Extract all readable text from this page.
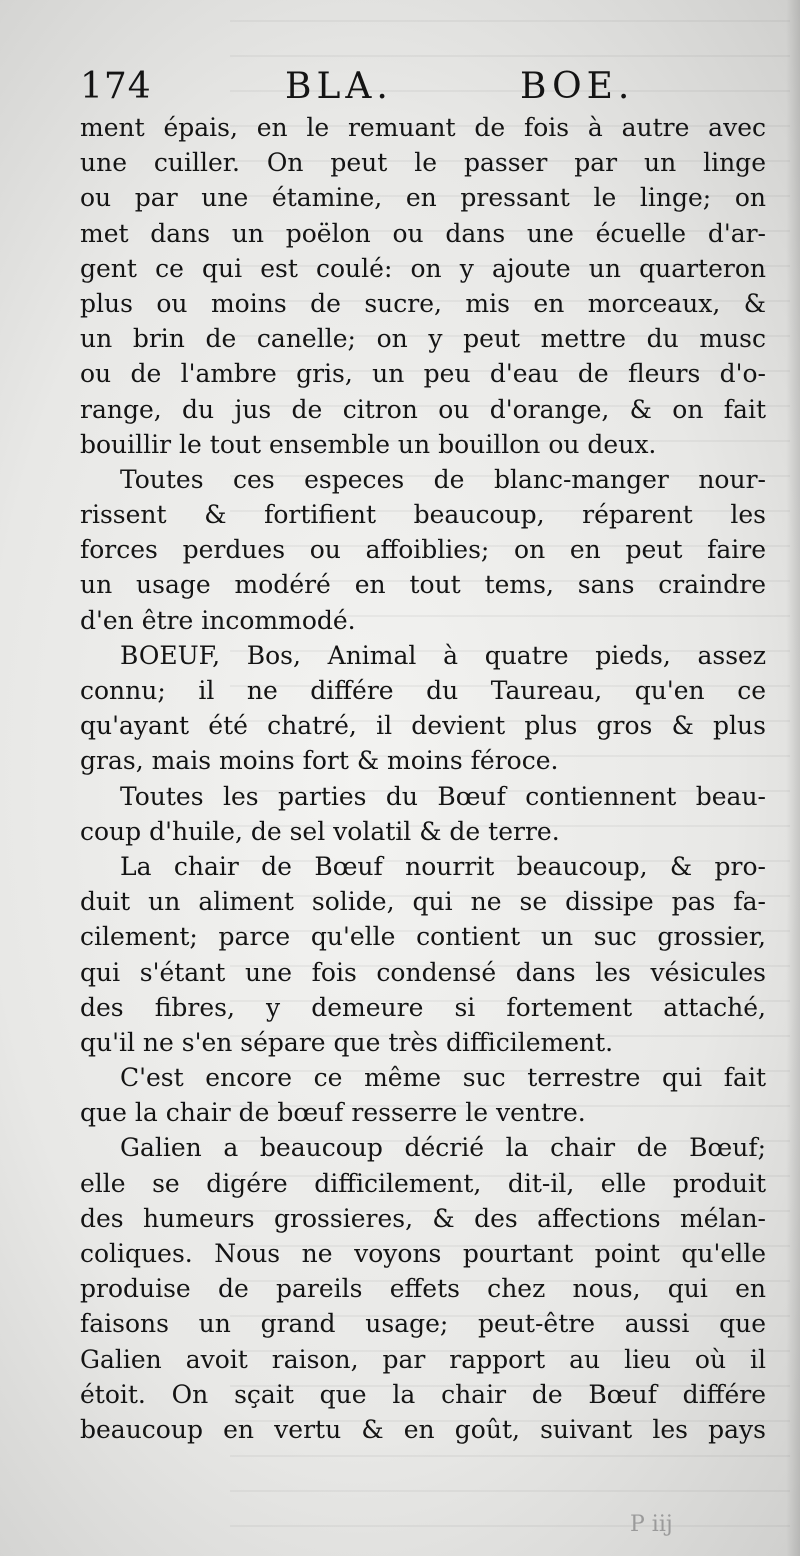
174	BLA.	BOE.
ment épais, en le remuant de fois à autre avec
une cuiller. On peut le passer par un linge
ou par une étamine, en pressant le linge; on
met dans un poëlon ou dans une écuelle d'ar-
gent ce qui est coulé: on y ajoute un quarteron
plus ou moins de sucre, mis en morceaux, &
un brin de canelle; on y peut mettre du musc
ou de l'ambre gris, un peu d'eau de fleurs d'o-
range, du jus de citron ou d'orange, & on fait
bouillir le tout ensemble un bouillon ou deux.
Toutes ces especes de blanc-manger nour-
rissent & fortifient beaucoup, réparent les
forces perdues ou affoiblies; on en peut faire
un usage modéré en tout tems, sans craindre
d'en être incommodé.
BOEUF, Bos, Animal à quatre pieds, assez
connu; il ne différe du Taureau, qu'en ce
qu'ayant été chatré, il devient plus gros & plus
gras, mais moins fort & moins féroce.
Toutes les parties du Bœuf contiennent beau-
coup d'huile, de sel volatil & de terre.
La chair de Bœuf nourrit beaucoup, & pro-
duit un aliment solide, qui ne se dissipe pas fa-
cilement; parce qu'elle contient un suc grossier,
qui s'étant une fois condensé dans les vésicules
des fibres, y demeure si fortement attaché,
qu'il ne s'en sépare que très difficilement.
C'est encore ce même suc terrestre qui fait
que la chair de bœuf resserre le ventre.
Galien a beaucoup décrié la chair de Bœuf;
elle se digére difficilement, dit-il, elle produit
des humeurs grossieres, & des affections mélan-
coliques. Nous ne voyons pourtant point qu'elle
produise de pareils effets chez nous, qui en
faisons un grand usage; peut-être aussi que
Galien avoit raison, par rapport au lieu où il
étoit. On sçait que la chair de Bœuf différe
beaucoup en vertu & en goût, suivant les pays
P iij
